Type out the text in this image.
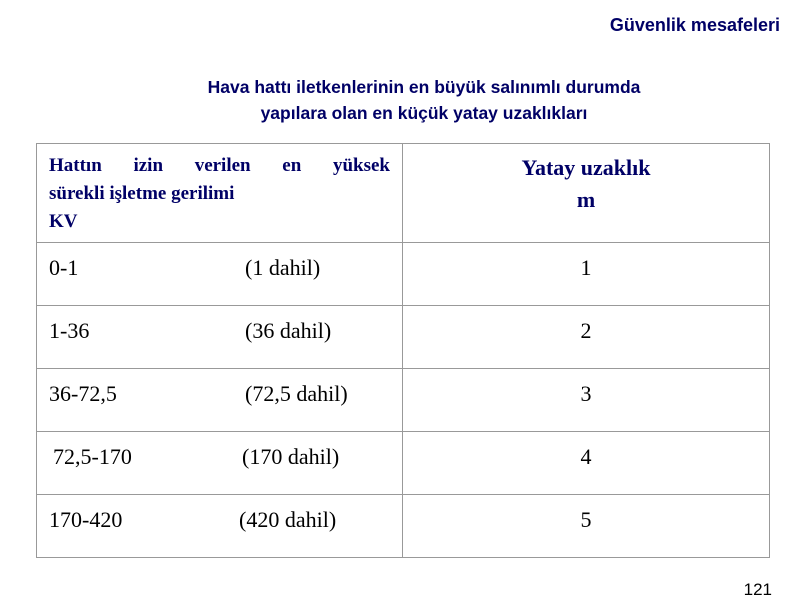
Güvenlik mesafeleri
Hava hattı iletkenlerinin en büyük salınımlı durumda
yapılara olan en küçük yatay uzaklıkları
Hattın izin verilen en yüksek
sürekli işletme gerilimi
KV	Yatay uzaklık
m

0-1 (1 dahil)	1

1-36 (36 dahil)	2

36-72,5 (72,5 dahil)	3

72,5-170 (170 dahil)	4

170-420 (420 dahil)	5
121
